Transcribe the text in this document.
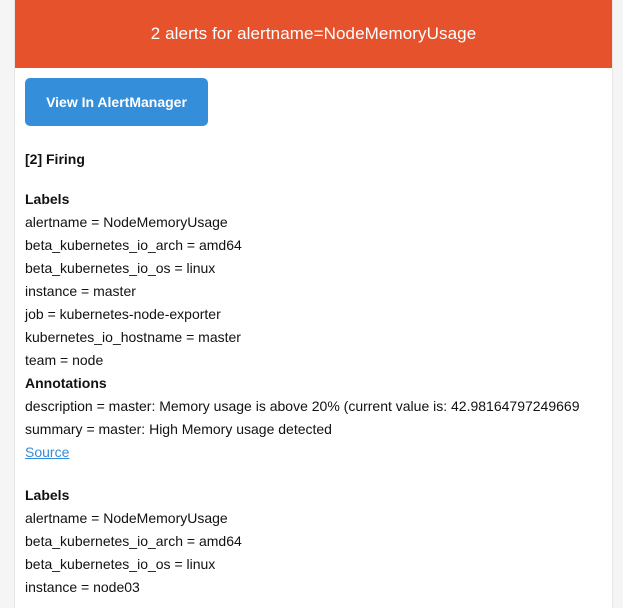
2 alerts for alertname=NodeMemoryUsage
View In AlertManager
[2] Firing
Labels
alertname = NodeMemoryUsage
beta_kubernetes_io_arch = amd64
beta_kubernetes_io_os = linux
instance = master
job = kubernetes-node-exporter
kubernetes_io_hostname = master
team = node
Annotations
description = master: Memory usage is above 20% (current value is: 42.98164797249669
summary = master: High Memory usage detected
Source
Labels
alertname = NodeMemoryUsage
beta_kubernetes_io_arch = amd64
beta_kubernetes_io_os = linux
instance = node03
